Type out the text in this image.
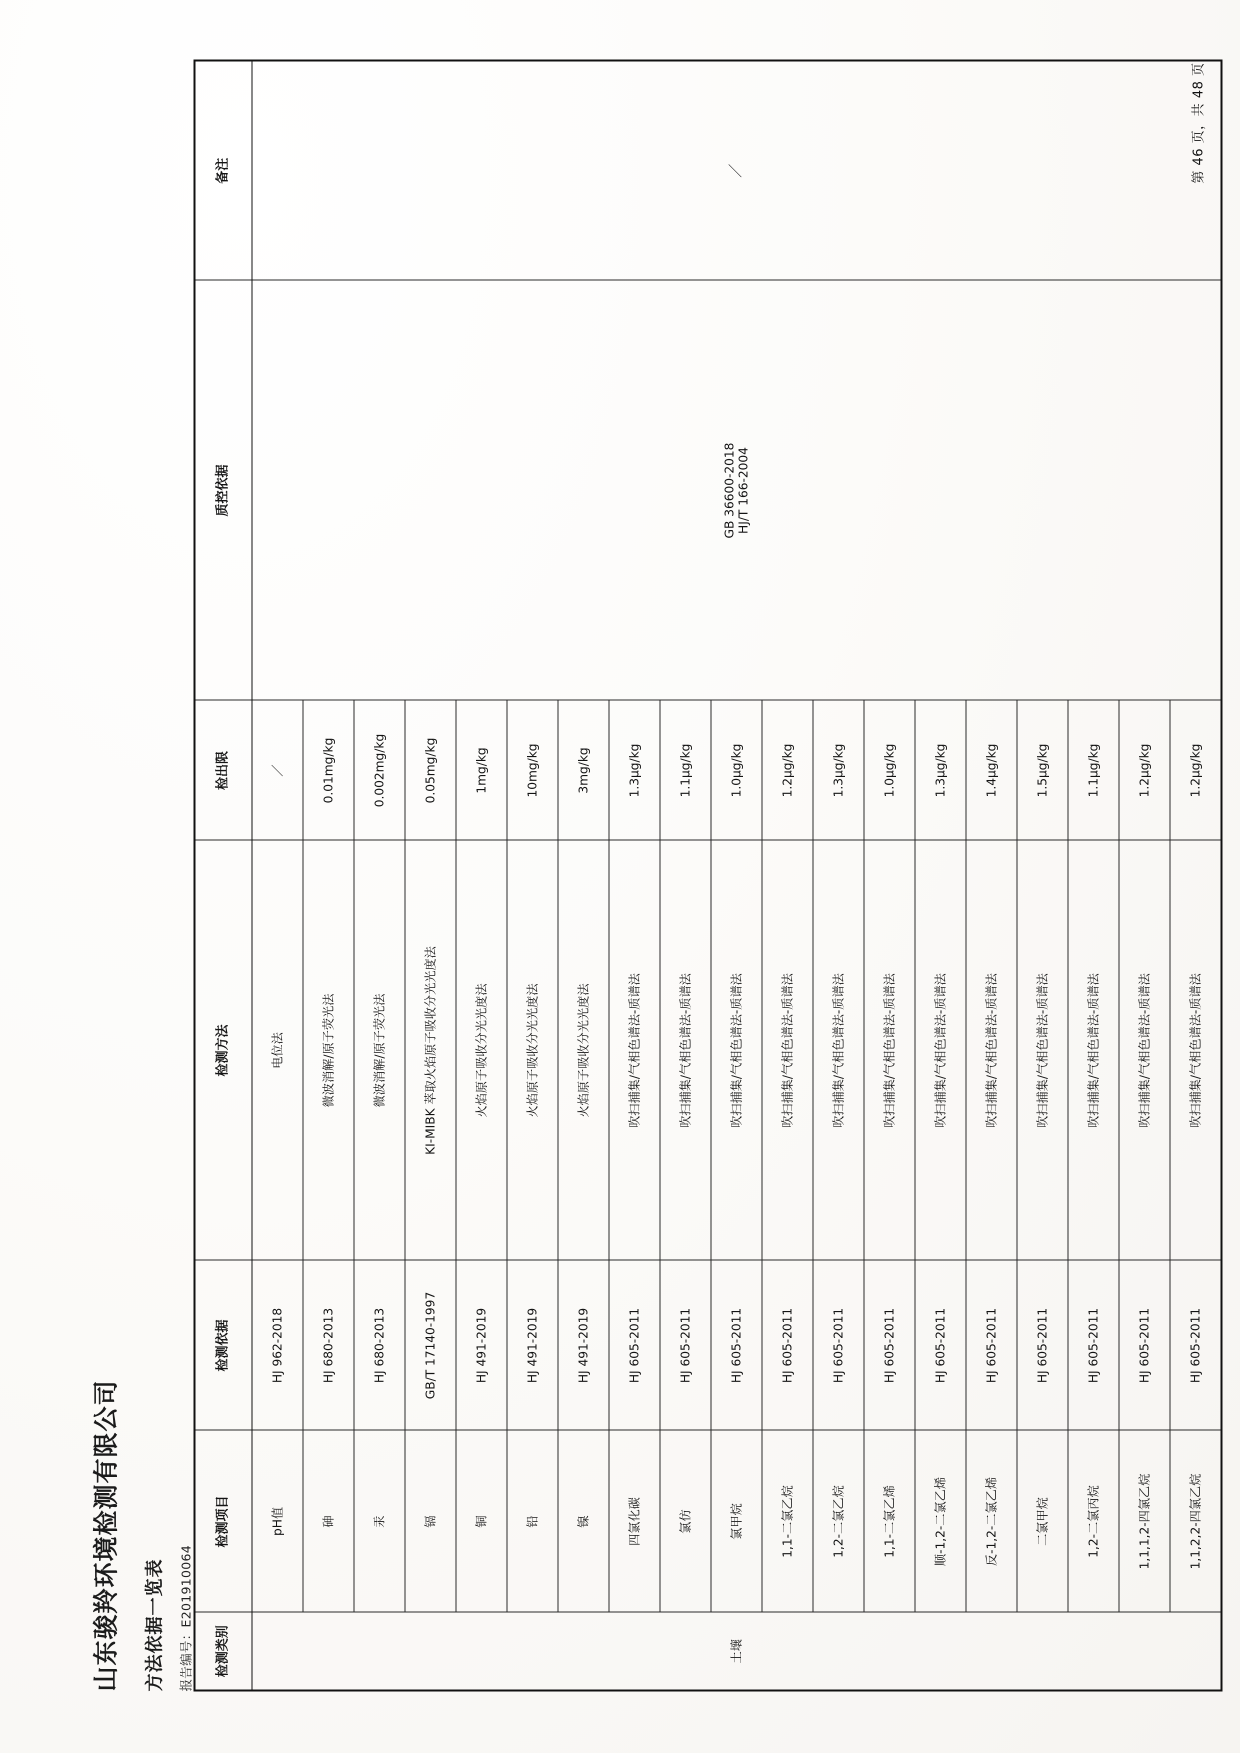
山东骏羚环境检测有限公司 方法依据一览表 报告编号：E201910064 检测类别	检测项目	检测依据	检测方法	检出限	质控依据	备注
土壤	pH值	HJ 962-2018	电位法	／	GB 36600-2018 HJ/T 166-2004	／
	砷	HJ 680-2013	微波消解/原子荧光法	0.01mg/kg		
	汞	HJ 680-2013	微波消解/原子荧光法	0.002mg/kg		
	镉	GB/T 17140-1997	KI-MIBK 萃取火焰原子吸收分光光度法	0.05mg/kg		
	铜	HJ 491-2019	火焰原子吸收分光光度法	1mg/kg		
	铅	HJ 491-2019	火焰原子吸收分光光度法	10mg/kg		
	镍	HJ 491-2019	火焰原子吸收分光光度法	3mg/kg		
	四氯化碳	HJ 605-2011	吹扫捕集/气相色谱法-质谱法	1.3μg/kg		
	氯仿	HJ 605-2011	吹扫捕集/气相色谱法-质谱法	1.1μg/kg		
	氯甲烷	HJ 605-2011	吹扫捕集/气相色谱法-质谱法	1.0μg/kg		
	1,1-二氯乙烷	HJ 605-2011	吹扫捕集/气相色谱法-质谱法	1.2μg/kg		
	1,2-二氯乙烷	HJ 605-2011	吹扫捕集/气相色谱法-质谱法	1.3μg/kg		
	1,1-二氯乙烯	HJ 605-2011	吹扫捕集/气相色谱法-质谱法	1.0μg/kg		
	顺-1,2-二氯乙烯	HJ 605-2011	吹扫捕集/气相色谱法-质谱法	1.3μg/kg		
	反-1,2-二氯乙烯	HJ 605-2011	吹扫捕集/气相色谱法-质谱法	1.4μg/kg		
	二氯甲烷	HJ 605-2011	吹扫捕集/气相色谱法-质谱法	1.5μg/kg		
	1,2-二氯丙烷	HJ 605-2011	吹扫捕集/气相色谱法-质谱法	1.1μg/kg		
	1,1,1,2-四氯乙烷	HJ 605-2011	吹扫捕集/气相色谱法-质谱法	1.2μg/kg		
	1,1,2,2-四氯乙烷	HJ 605-2011	吹扫捕集/气相色谱法-质谱法	1.2μg/kg		
第 46 页，共 48 页
